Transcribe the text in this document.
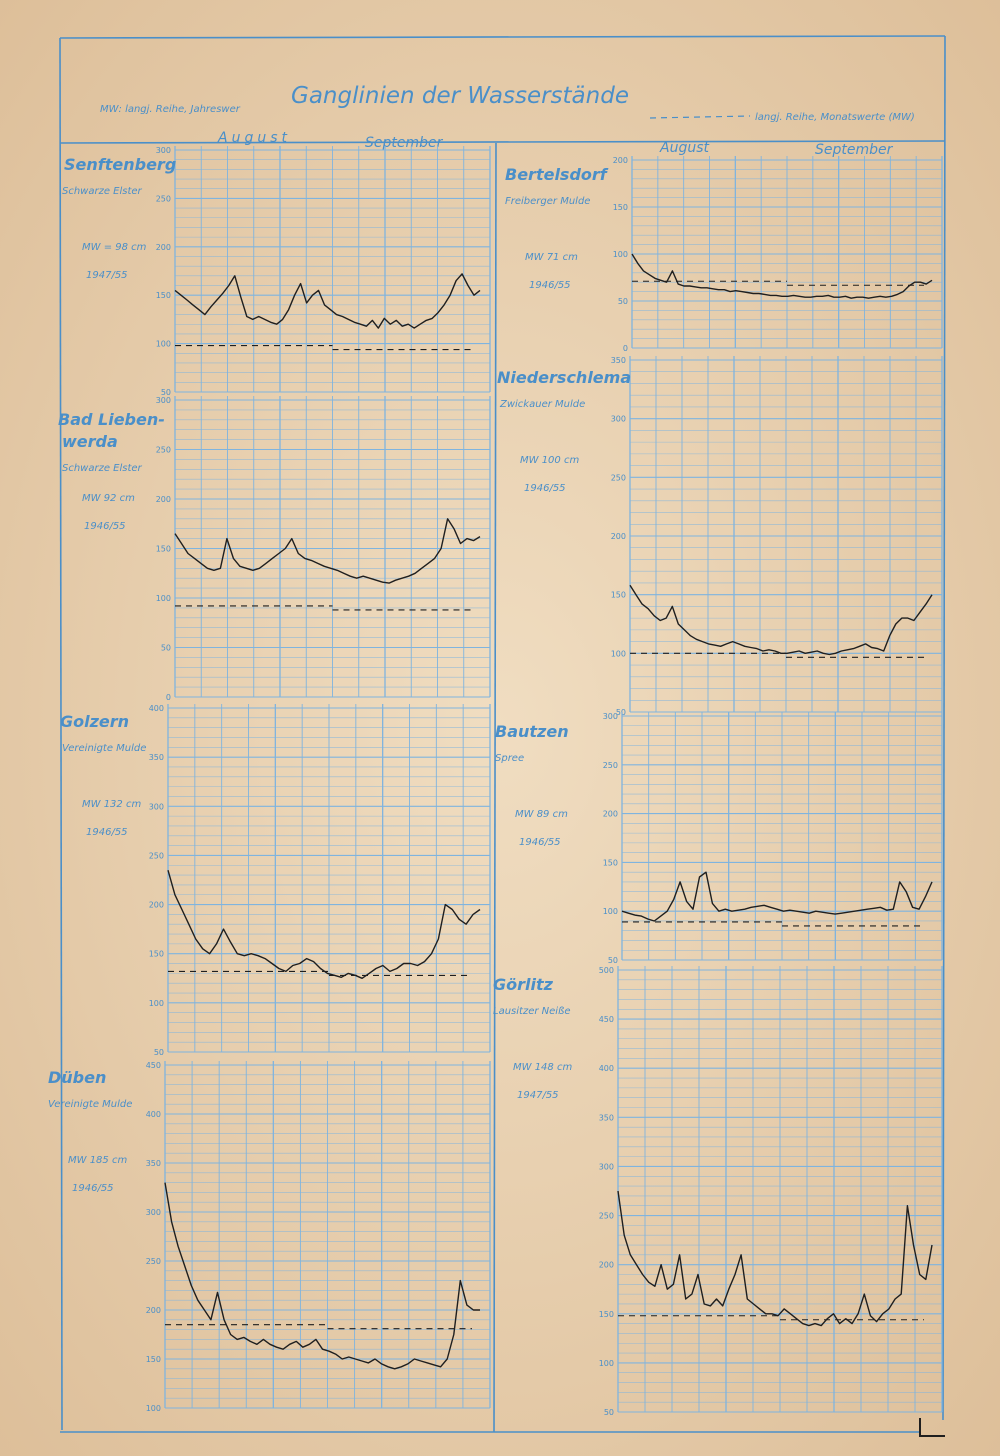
Ganglinien der Wasserstände
MW: langj. Reihe, Jahreswer
langj. Reihe, Monatswerte (MW)
August	September	August	September
50
100
150
200
250
300
Senftenberg
Schwarze Elster
MW = 98 cm
1947/55
0
50
100
150
200
Bertelsdorf
Freiberger Mulde
MW 71 cm
1946/55
0
50
100
150
200
250
300
Bad Lieben-
werda
Schwarze Elster
MW 92 cm
1946/55
50
100
150
200
250
300
350
Niederschlema
Zwickauer Mulde
MW 100 cm
1946/55
50
100
150
200
250
300
350
400
Golzern
Vereinigte Mulde
MW 132 cm
1946/55
50
100
150
200
250
300
Bautzen
Spree
MW 89 cm
1946/55
100
150
200
250
300
350
400
450
Düben
Vereinigte Mulde
MW 185 cm
1946/55
50
100
150
200
250
300
350
400
450
500
Görlitz
Lausitzer Neiße
MW 148 cm
1947/55
